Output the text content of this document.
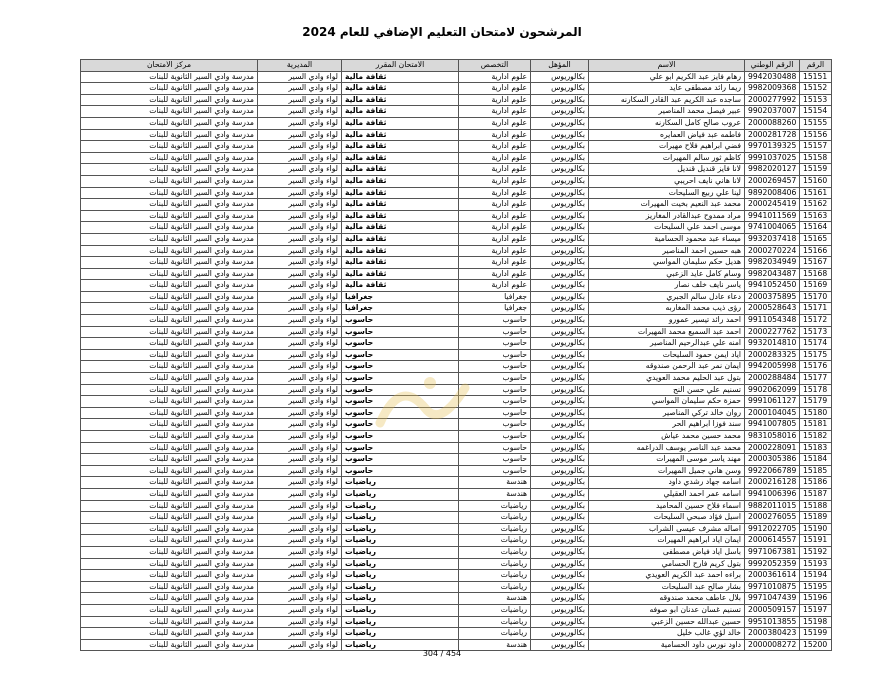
المرشحون لامتحان التعليم الإضافي للعام 2024
الرقم	الرقم الوطني	الاسم	المؤهل	التخصص	الامتحان المقرر	المديرية	مركز الامتحان
15151	9942030488	رهام فايز عبد الكريم ابو علي	بكالوريوس	علوم ادارية	ثقافة مالية	لواء وادي السير	مدرسة وادي السير الثانوية للبنات
15152	9982009368	ريما رائد مصطفى عايد	بكالوريوس	علوم ادارية	ثقافة مالية	لواء وادي السير	مدرسة وادي السير الثانوية للبنات
15153	2000277992	ساجده عبد الكريم عبد القادر السكارنه	بكالوريوس	علوم ادارية	ثقافة مالية	لواء وادي السير	مدرسة وادي السير الثانوية للبنات
15154	9902037007	عبير فيصل محمد المناصير	بكالوريوس	علوم ادارية	ثقافة مالية	لواء وادي السير	مدرسة وادي السير الثانوية للبنات
15155	2000088260	عروب صالح كامل السكارنه	بكالوريوس	علوم ادارية	ثقافة مالية	لواء وادي السير	مدرسة وادي السير الثانوية للبنات
15156	2000281728	فاطمه عبد فياض العمايره	بكالوريوس	علوم ادارية	ثقافة مالية	لواء وادي السير	مدرسة وادي السير الثانوية للبنات
15157	9970139325	فضي ابراهيم فلاح مهيرات	بكالوريوس	علوم ادارية	ثقافة مالية	لواء وادي السير	مدرسة وادي السير الثانوية للبنات
15158	9991037025	كاظم ثور سالم المهيرات	بكالوريوس	علوم ادارية	ثقافة مالية	لواء وادي السير	مدرسة وادي السير الثانوية للبنات
15159	9982020127	لانا فايز قنديل قنديل	بكالوريوس	علوم ادارية	ثقافة مالية	لواء وادي السير	مدرسة وادي السير الثانوية للبنات
15160	2000269457	لانا هاني نايف احريبي	بكالوريوس	علوم ادارية	ثقافة مالية	لواء وادي السير	مدرسة وادي السير الثانوية للبنات
15161	9892008406	لينا علي ربيع السليحات	بكالوريوس	علوم ادارية	ثقافة مالية	لواء وادي السير	مدرسة وادي السير الثانوية للبنات
15162	2000245419	محمد عبد النعيم بخيت المهيرات	بكالوريوس	علوم ادارية	ثقافة مالية	لواء وادي السير	مدرسة وادي السير الثانوية للبنات
15163	9941011569	مراد ممدوح عبدالقادر المغاريز	بكالوريوس	علوم ادارية	ثقافة مالية	لواء وادي السير	مدرسة وادي السير الثانوية للبنات
15164	9741004065	موسى احمد علي السليحات	بكالوريوس	علوم ادارية	ثقافة مالية	لواء وادي السير	مدرسة وادي السير الثانوية للبنات
15165	9932037418	ميساء عبد محمود الحسامية	بكالوريوس	علوم ادارية	ثقافة مالية	لواء وادي السير	مدرسة وادي السير الثانوية للبنات
15166	2000270224	هبه حسين احمد المناصير	بكالوريوس	علوم ادارية	ثقافة مالية	لواء وادي السير	مدرسة وادي السير الثانوية للبنات
15167	9982034949	هديل حكم سليمان المواسي	بكالوريوس	علوم ادارية	ثقافة مالية	لواء وادي السير	مدرسة وادي السير الثانوية للبنات
15168	9982043487	وسام كامل عايد الزعبي	بكالوريوس	علوم ادارية	ثقافة مالية	لواء وادي السير	مدرسة وادي السير الثانوية للبنات
15169	9941052450	ياسر نايف خلف نصار	بكالوريوس	علوم ادارية	ثقافة مالية	لواء وادي السير	مدرسة وادي السير الثانوية للبنات
15170	2000375895	دعاء عادل سالم الجبري	بكالوريوس	جغرافيا	جغرافيا	لواء وادي السير	مدرسة وادي السير الثانوية للبنات
15171	2000528643	رؤى ذيب محمد المغاربه	بكالوريوس	جغرافيا	جغرافيا	لواء وادي السير	مدرسة وادي السير الثانوية للبنات
15172	9911054348	احمد رائد تيسير عمورو	بكالوريوس	حاسوب	حاسوب	لواء وادي السير	مدرسة وادي السير الثانوية للبنات
15173	2000227762	احمد عبد السميع محمد المهيرات	بكالوريوس	حاسوب	حاسوب	لواء وادي السير	مدرسة وادي السير الثانوية للبنات
15174	9932014810	امنه علي عبدالرحيم المناصير	بكالوريوس	حاسوب	حاسوب	لواء وادي السير	مدرسة وادي السير الثانوية للبنات
15175	2000283325	اياد ايمن حمود السليحات	بكالوريوس	حاسوب	حاسوب	لواء وادي السير	مدرسة وادي السير الثانوية للبنات
15176	9942005998	ايمان نمر عبد الرحمن صندوقه	بكالوريوس	حاسوب	حاسوب	لواء وادي السير	مدرسة وادي السير الثانوية للبنات
15177	2000288484	بتول عبد الحليم محمد العويدي	بكالوريوس	حاسوب	حاسوب	لواء وادي السير	مدرسة وادي السير الثانوية للبنات
15178	9902062099	تسنيم علي حسن النح	بكالوريوس	حاسوب	حاسوب	لواء وادي السير	مدرسة وادي السير الثانوية للبنات
15179	9991061127	حمزة حكم سليمان المواسي	بكالوريوس	حاسوب	حاسوب	لواء وادي السير	مدرسة وادي السير الثانوية للبنات
15180	2000104045	روان خالد تركي المناصير	بكالوريوس	حاسوب	حاسوب	لواء وادي السير	مدرسة وادي السير الثانوية للبنات
15181	9941007805	سند فوزا ابراهيم الحر	بكالوريوس	حاسوب	حاسوب	لواء وادي السير	مدرسة وادي السير الثانوية للبنات
15182	9831058016	محمد حسين محمد عياش	بكالوريوس	حاسوب	حاسوب	لواء وادي السير	مدرسة وادي السير الثانوية للبنات
15183	2000228091	محمد عبد الناصر يوسف الدراغمه	بكالوريوس	حاسوب	حاسوب	لواء وادي السير	مدرسة وادي السير الثانوية للبنات
15184	2000305386	مهند ياسر موسى المهيرات	بكالوريوس	حاسوب	حاسوب	لواء وادي السير	مدرسة وادي السير الثانوية للبنات
15185	9922066789	وسن هاني جميل المهيرات	بكالوريوس	حاسوب	حاسوب	لواء وادي السير	مدرسة وادي السير الثانوية للبنات
15186	2000216128	اسامه جهاد رشدي داود	بكالوريوس	هندسة	رياضيات	لواء وادي السير	مدرسة وادي السير الثانوية للبنات
15187	9941006396	اسامه عمر احمد العقيلي	بكالوريوس	هندسة	رياضيات	لواء وادي السير	مدرسة وادي السير الثانوية للبنات
15188	9882011015	اسماء فلاح حسين المحاميد	بكالوريوس	رياضيات	رياضيات	لواء وادي السير	مدرسة وادي السير الثانوية للبنات
15189	2000276055	اسيل فؤاد صبحي السليحات	بكالوريوس	رياضيات	رياضيات	لواء وادي السير	مدرسة وادي السير الثانوية للبنات
15190	9912022705	اصاله مشرف عيسى الشراب	بكالوريوس	رياضيات	رياضيات	لواء وادي السير	مدرسة وادي السير الثانوية للبنات
15191	2000614557	ايمان اياد ابراهيم المهيرات	بكالوريوس	رياضيات	رياضيات	لواء وادي السير	مدرسة وادي السير الثانوية للبنات
15192	9971067381	باسل اياد فياض مصطفى	بكالوريوس	رياضيات	رياضيات	لواء وادي السير	مدرسة وادي السير الثانوية للبنات
15193	9992052359	بتول كريم فارح الحسامي	بكالوريوس	رياضيات	رياضيات	لواء وادي السير	مدرسة وادي السير الثانوية للبنات
15194	2000361614	براءه احمد عبد الكريم العويدي	بكالوريوس	رياضيات	رياضيات	لواء وادي السير	مدرسة وادي السير الثانوية للبنات
15195	9971010875	بشار صالح عبد السليحات	بكالوريوس	رياضيات	رياضيات	لواء وادي السير	مدرسة وادي السير الثانوية للبنات
15196	9971047439	بلال عاطف محمد صندوقه	بكالوريوس	هندسة	رياضيات	لواء وادي السير	مدرسة وادي السير الثانوية للبنات
15197	2000509157	تسنيم غسان عدنان ابو صوفه	بكالوريوس	رياضيات	رياضيات	لواء وادي السير	مدرسة وادي السير الثانوية للبنات
15198	9951013855	حسين عبدالله حسين الزعبي	بكالوريوس	رياضيات	رياضيات	لواء وادي السير	مدرسة وادي السير الثانوية للبنات
15199	2000380423	خالد لؤي غالب خليل	بكالوريوس	رياضيات	رياضيات	لواء وادي السير	مدرسة وادي السير الثانوية للبنات
15200	2000008272	داود نورس داود الحسامية	بكالوريوس	هندسة	رياضيات	لواء وادي السير	مدرسة وادي السير الثانوية للبنات
304 / 454
